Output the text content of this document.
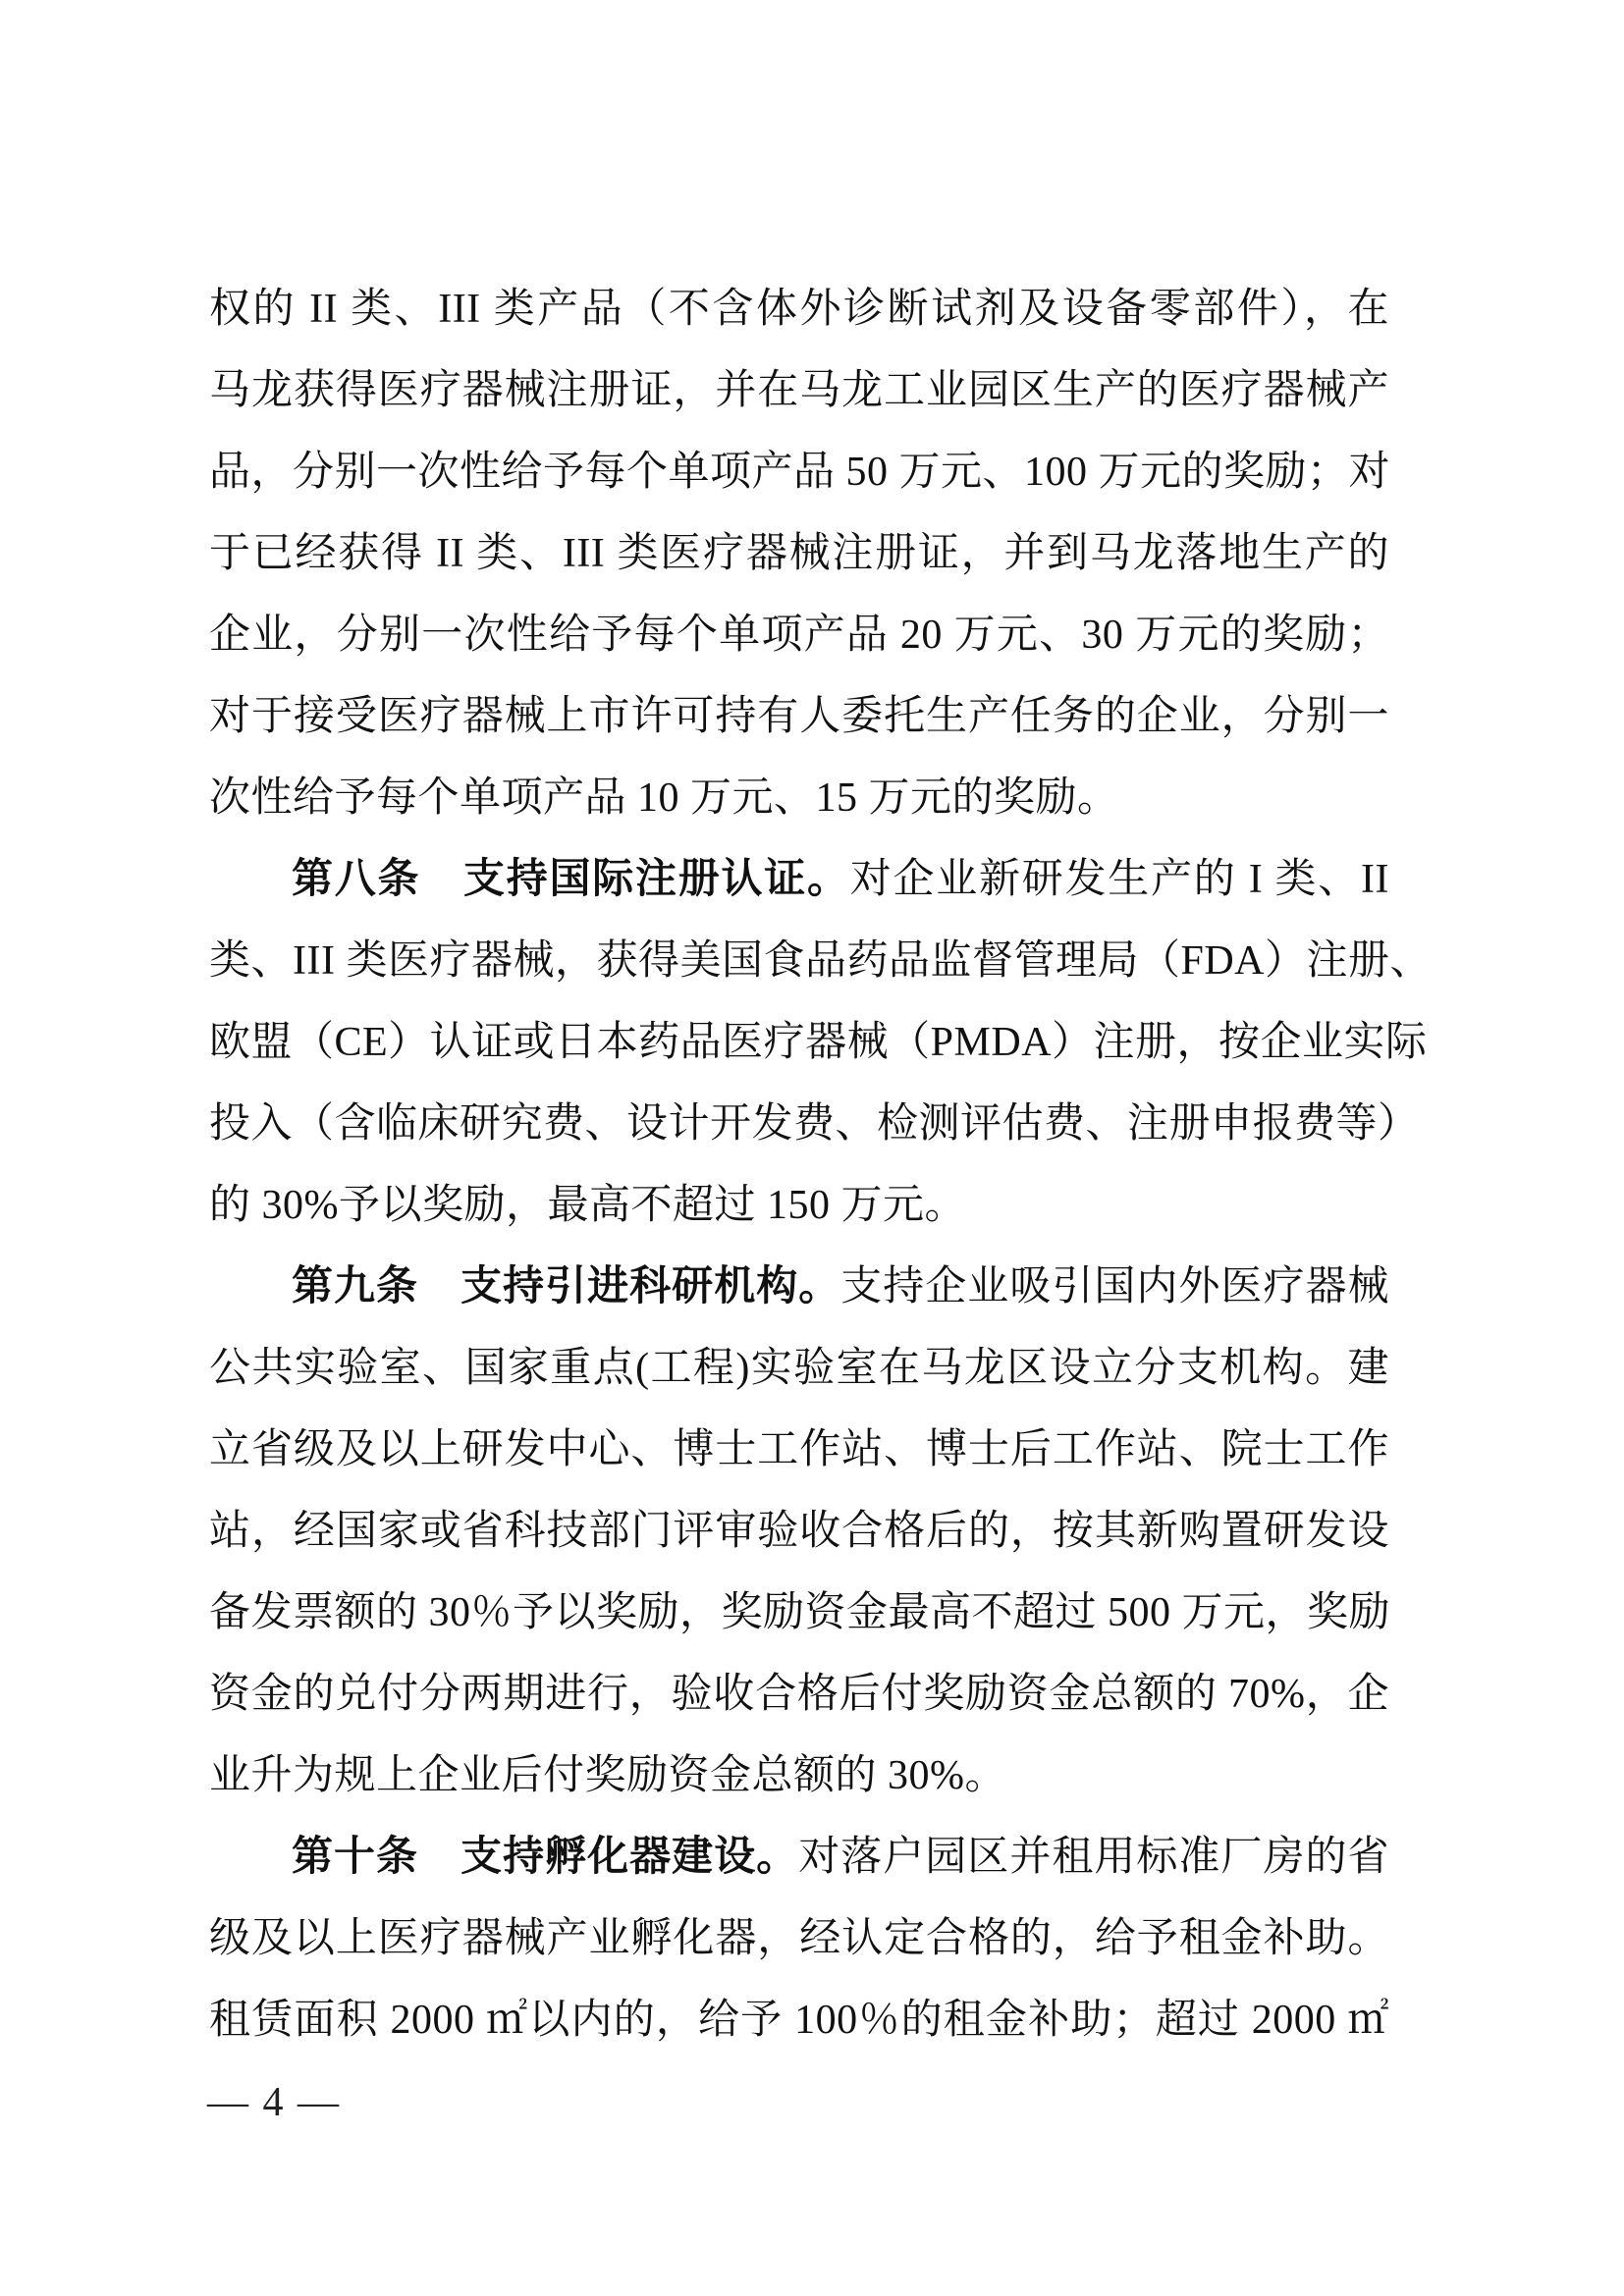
权的 II 类、III 类产品（不含体外诊断试剂及设备零部件），在
马龙获得医疗器械注册证，并在马龙工业园区生产的医疗器械产
品，分别一次性给予每个单项产品 50 万元、100 万元的奖励；对
于已经获得 II 类、III 类医疗器械注册证，并到马龙落地生产的
企业，分别一次性给予每个单项产品 20 万元、30 万元的奖励；
对于接受医疗器械上市许可持有人委托生产任务的企业，分别一
次性给予每个单项产品 10 万元、15 万元的奖励。
第八条　支持国际注册认证。对企业新研发生产的 I 类、II
类、III 类医疗器械，获得美国食品药品监督管理局（FDA）注册、
欧盟（CE）认证或日本药品医疗器械（PMDA）注册，按企业实际
投入（含临床研究费、设计开发费、检测评估费、注册申报费等）
的 30%予以奖励，最高不超过 150 万元。
第九条　支持引进科研机构。支持企业吸引国内外医疗器械
公共实验室、国家重点(工程)实验室在马龙区设立分支机构。建
立省级及以上研发中心、博士工作站、博士后工作站、院士工作
站，经国家或省科技部门评审验收合格后的，按其新购置研发设
备发票额的 30％予以奖励，奖励资金最高不超过 500 万元，奖励
资金的兑付分两期进行，验收合格后付奖励资金总额的 70%，企
业升为规上企业后付奖励资金总额的 30%。
第十条　支持孵化器建设。对落户园区并租用标准厂房的省
级及以上医疗器械产业孵化器，经认定合格的，给予租金补助。
租赁面积 2000 ㎡以内的，给予 100％的租金补助；超过 2000 ㎡
— 4 —
